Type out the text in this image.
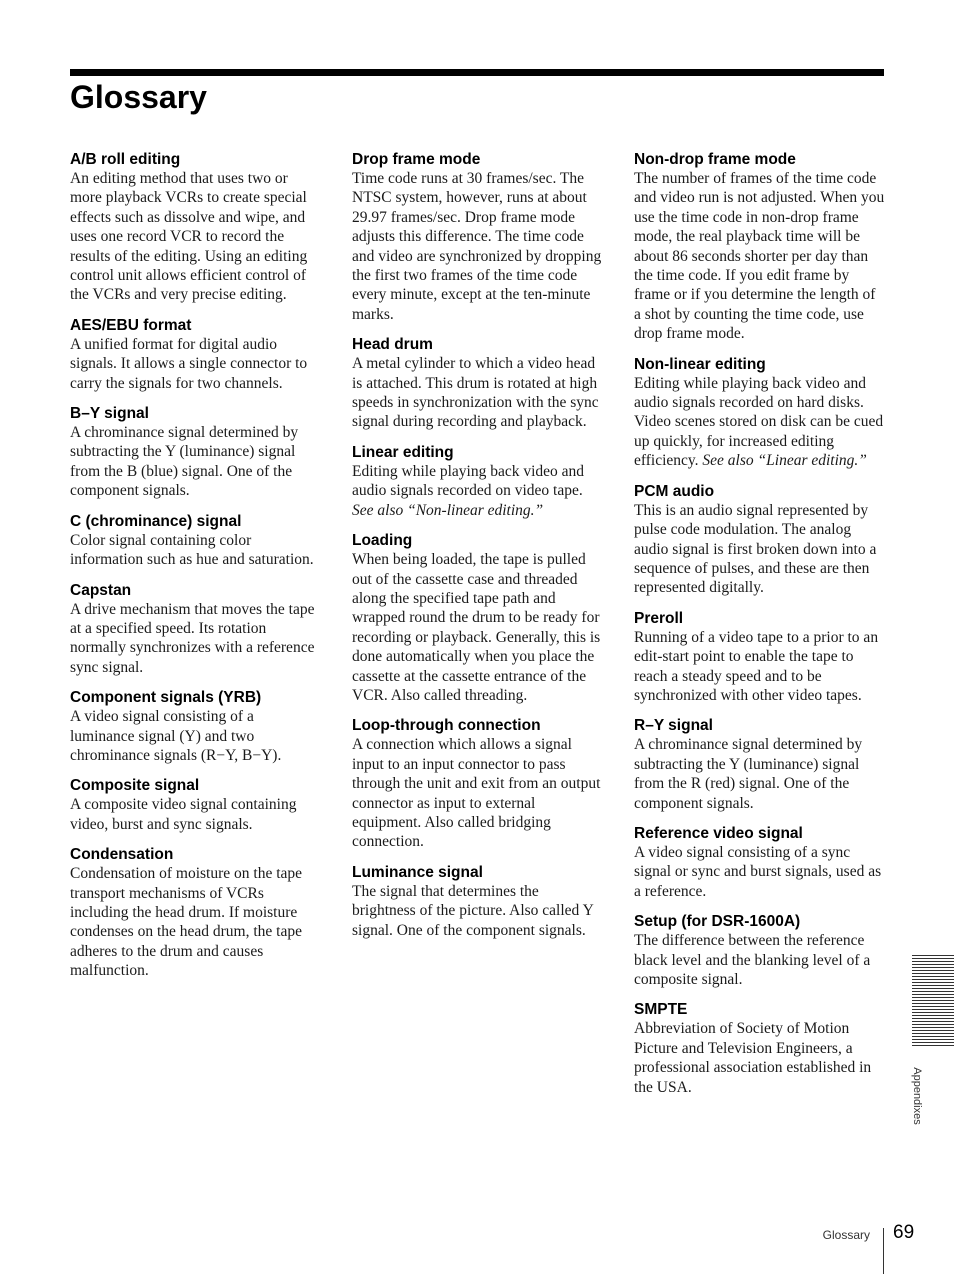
Glossary
A/B roll editing
An editing method that uses two or more playback VCRs to create special effects such as dissolve and wipe, and uses one record VCR to record the results of the editing. Using an editing control unit allows efficient control of the VCRs and very precise editing.
AES/EBU format
A unified format for digital audio signals. It allows a single connector to carry the signals for two channels.
B–Y signal
A chrominance signal determined by subtracting the Y (luminance) signal from the B (blue) signal. One of the component signals.
C (chrominance) signal
Color signal containing color information such as hue and saturation.
Capstan
A drive mechanism that moves the tape at a specified speed. Its rotation normally synchronizes with a reference sync signal.
Component signals (YRB)
A video signal consisting of a luminance signal (Y) and two chrominance signals (R−Y, B−Y).
Composite signal
A composite video signal containing video, burst and sync signals.
Condensation
Condensation of moisture on the tape transport mechanisms of VCRs including the head drum. If moisture condenses on the head drum, the tape adheres to the drum and causes malfunction.
Drop frame mode
Time code runs at 30 frames/sec. The NTSC system, however, runs at about 29.97 frames/sec. Drop frame mode adjusts this difference. The time code and video are synchronized by dropping the first two frames of the time code every minute, except at the ten-minute marks.
Head drum
A metal cylinder to which a video head is attached. This drum is rotated at high speeds in synchronization with the sync signal during recording and playback.
Linear editing
Editing while playing back video and audio signals recorded on video tape. See also “Non-linear editing.”
Loading
When being loaded, the tape is pulled out of the cassette case and threaded along the specified tape path and wrapped round the drum to be ready for recording or playback. Generally, this is done automatically when you place the cassette at the cassette entrance of the VCR. Also called threading.
Loop-through connection
A connection which allows a signal input to an input connector to pass through the unit and exit from an output connector as input to external equipment. Also called bridging connection.
Luminance signal
The signal that determines the brightness of the picture. Also called Y signal. One of the component signals.
Non-drop frame mode
The number of frames of the time code and video run is not adjusted. When you use the time code in non-drop frame mode, the real playback time will be about 86 seconds shorter per day than the time code. If you edit frame by frame or if you determine the length of a shot by counting the time code, use drop frame mode.
Non-linear editing
Editing while playing back video and audio signals recorded on hard disks. Video scenes stored on disk can be cued up quickly, for increased editing efficiency. See also “Linear editing.”
PCM audio
This is an audio signal represented by pulse code modulation. The analog audio signal is first broken down into a sequence of pulses, and these are then represented digitally.
Preroll
Running of a video tape to a prior to an edit-start point to enable the tape to reach a steady speed and to be synchronized with other video tapes.
R–Y signal
A chrominance signal determined by subtracting the Y (luminance) signal from the R (red) signal. One of the component signals.
Reference video signal
A video signal consisting of a sync signal or sync and burst signals, used as a reference.
Setup (for DSR-1600A)
The difference between the reference black level and the blanking level of a composite signal.
SMPTE
Abbreviation of Society of Motion Picture and Television Engineers, a professional association established in the USA.	Appendixes
Glossary 69
